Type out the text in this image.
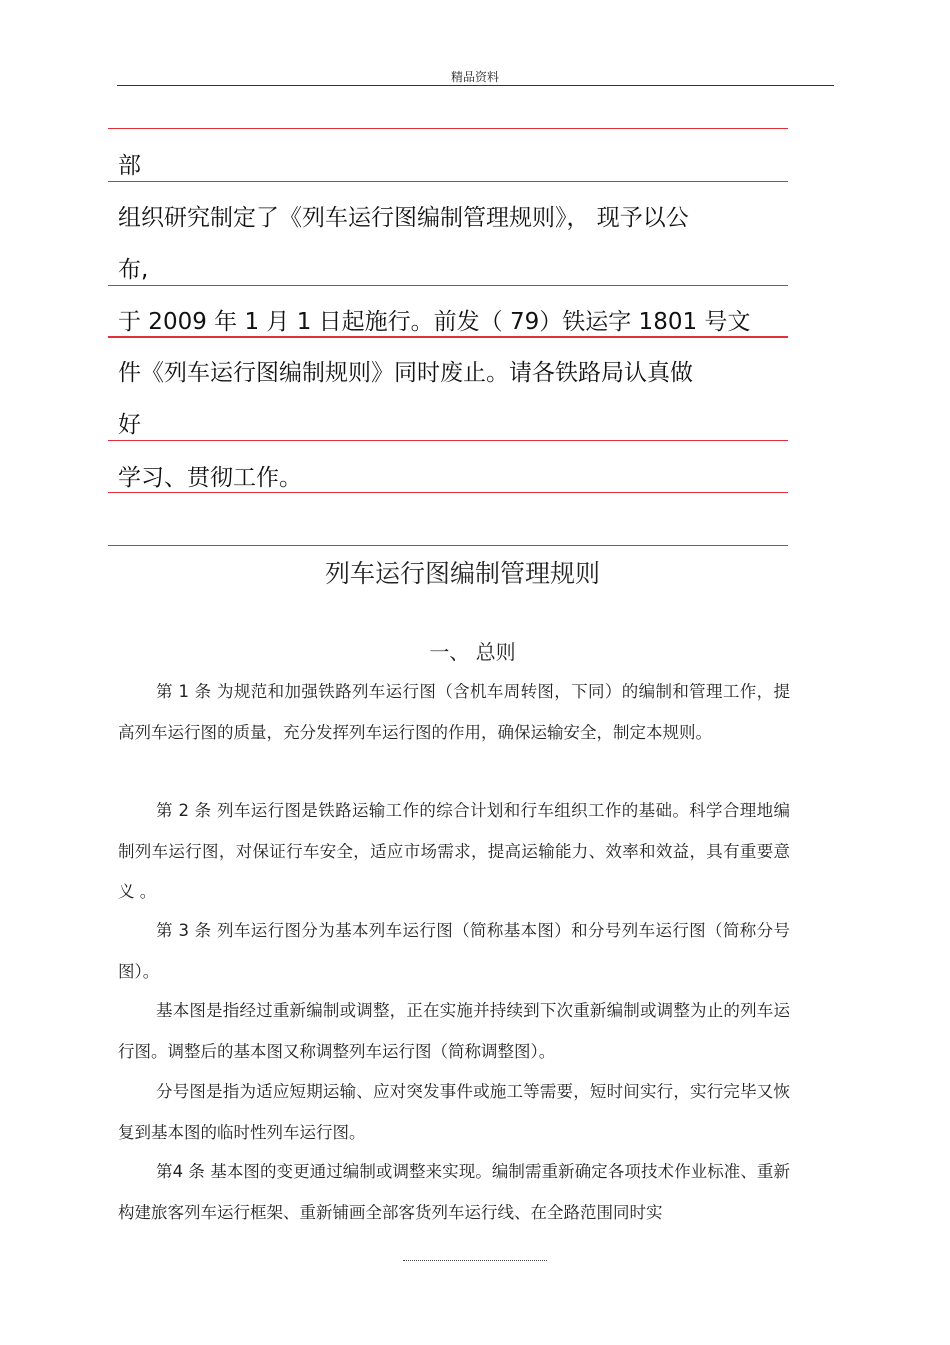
精品资料
部
组织研究制定了《列车运行图编制管理规则》， 现予以公
布,
于 2009 年 1 月 1 日起施行。前发（ 79）铁运字 1801 号文
件《列车运行图编制规则》同时废止。请各铁路局认真做
好
学习、贯彻工作。
列车运行图编制管理规则
一、 总则

第 1 条 为规范和加强铁路列车运行图（含机车周转图，下同）的编制和管理工作，提高列车运行图的质量，充分发挥列车运行图的作用，确保运输安全，制定本规则。

第 2 条 列车运行图是铁路运输工作的综合计划和行车组织工作的基础。科学合理地编制列车运行图，对保证行车安全，适应市场需求，提高运输能力、效率和效益，具有重要意义 。

第 3 条 列车运行图分为基本列车运行图（简称基本图）和分号列车运行图（简称分号图）。

基本图是指经过重新编制或调整，正在实施并持续到下次重新编制或调整为止的列车运行图。调整后的基本图又称调整列车运行图（简称调整图）。

分号图是指为适应短期运输、应对突发事件或施工等需要，短时间实行，实行完毕又恢复到基本图的临时性列车运行图。

第4 条 基本图的变更通过编制或调整来实现。编制需重新确定各项技术作业标准、重新构建旅客列车运行框架、重新铺画全部客货列车运行线、在全路范围同时实
